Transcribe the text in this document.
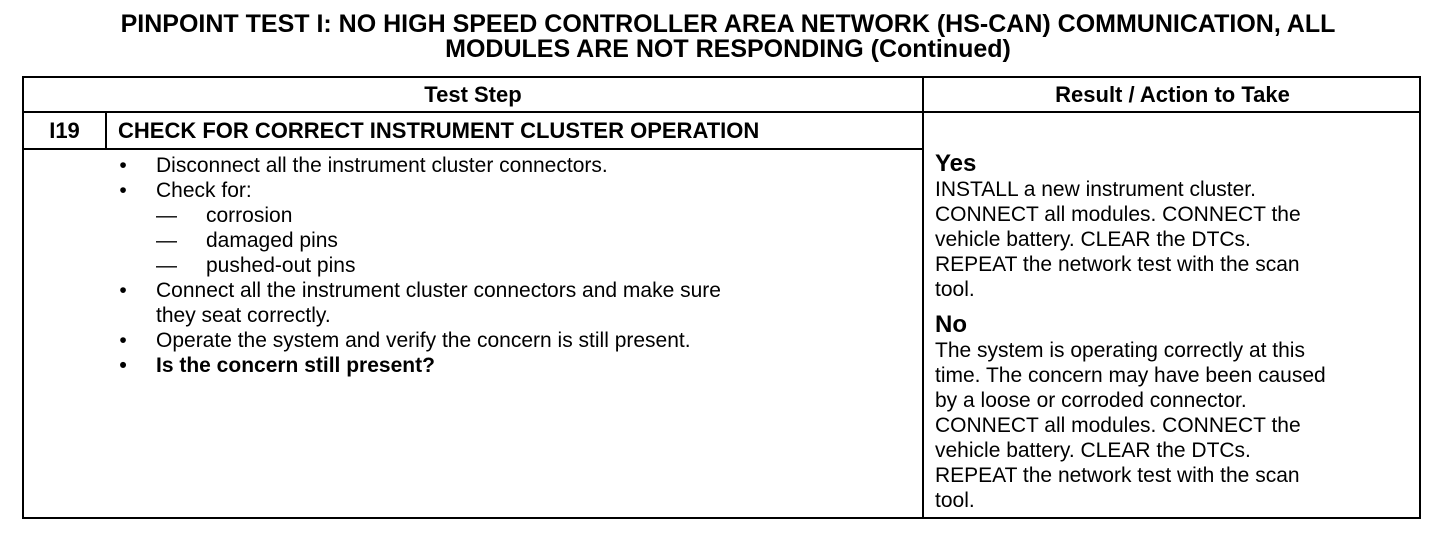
PINPOINT TEST I: NO HIGH SPEED CONTROLLER AREA NETWORK (HS-CAN) COMMUNICATION, ALL
MODULES ARE NOT RESPONDING (Continued)
Test Step	Result / Action to Take
I19	CHECK FOR CORRECT INSTRUMENT CLUSTER OPERATION
• Disconnect all the instrument cluster connectors.
• Check for:
— corrosion
— damaged pins
— pushed-out pins
• Connect all the instrument cluster connectors and make sure
they seat correctly.
• Operate the system and verify the concern is still present.
• Is the concern still present?
Yes
INSTALL a new instrument cluster.
CONNECT all modules. CONNECT the
vehicle battery. CLEAR the DTCs.
REPEAT the network test with the scan
tool.
No
The system is operating correctly at this
time. The concern may have been caused
by a loose or corroded connector.
CONNECT all modules. CONNECT the
vehicle battery. CLEAR the DTCs.
REPEAT the network test with the scan
tool.
